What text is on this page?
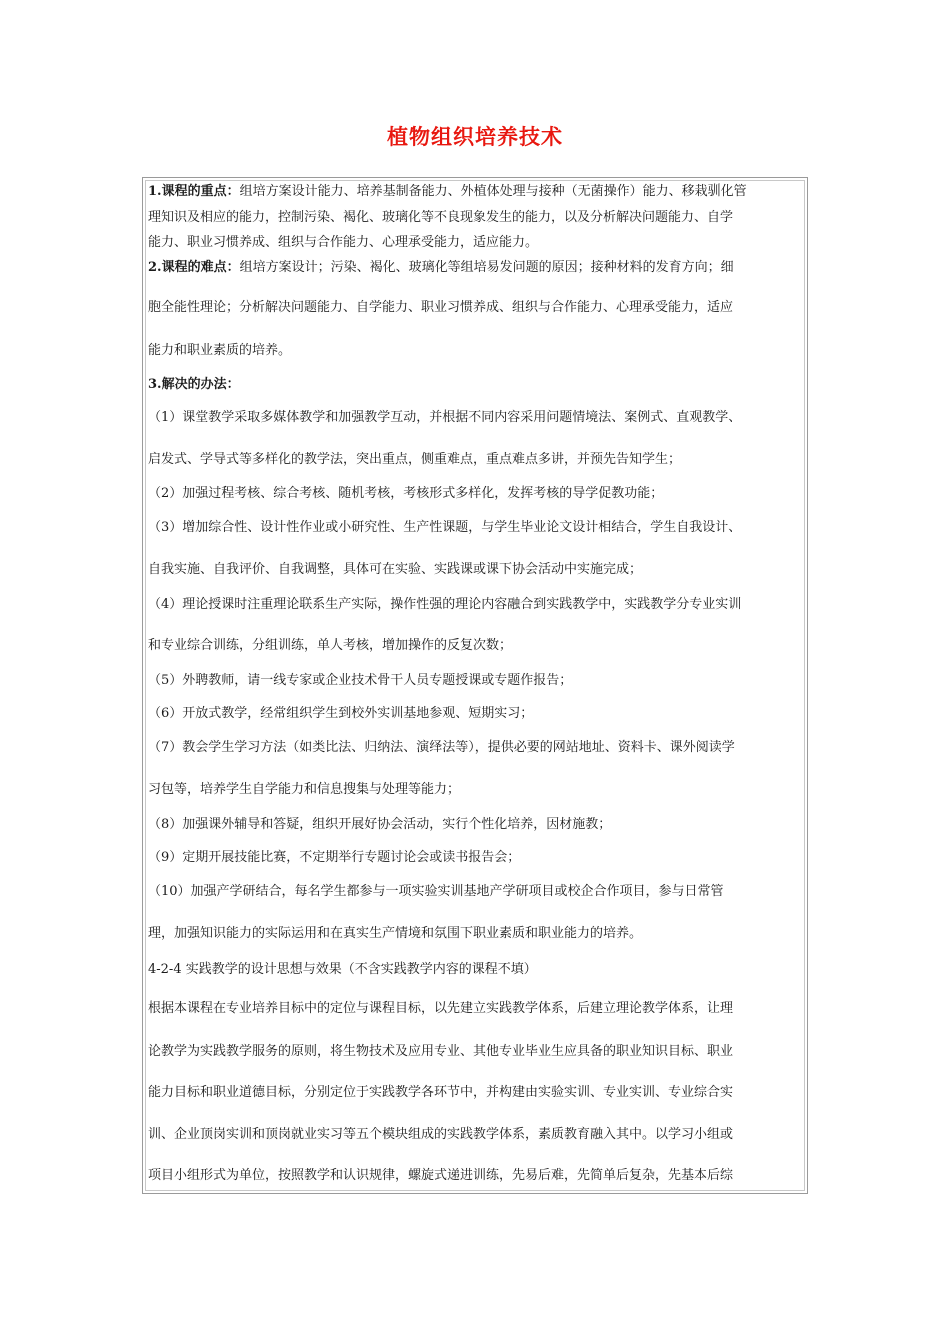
植物组织培养技术
1.课程的重点：组培方案设计能力、培养基制备能力、外植体处理与接种（无菌操作）能力、移栽驯化管
理知识及相应的能力，控制污染、褐化、玻璃化等不良现象发生的能力，以及分析解决问题能力、自学
能力、职业习惯养成、组织与合作能力、心理承受能力，适应能力。
2.课程的难点：组培方案设计；污染、褐化、玻璃化等组培易发问题的原因；接种材料的发育方向；细
胞全能性理论；分析解决问题能力、自学能力、职业习惯养成、组织与合作能力、心理承受能力，适应
能力和职业素质的培养。
3.解决的办法：
（1）课堂教学采取多媒体教学和加强教学互动，并根据不同内容采用问题情境法、案例式、直观教学、
启发式、学导式等多样化的教学法，突出重点，侧重难点，重点难点多讲，并预先告知学生；
（2）加强过程考核、综合考核、随机考核，考核形式多样化，发挥考核的导学促教功能；
（3）增加综合性、设计性作业或小研究性、生产性课题，与学生毕业论文设计相结合，学生自我设计、
自我实施、自我评价、自我调整，具体可在实验、实践课或课下协会活动中实施完成；
（4）理论授课时注重理论联系生产实际，操作性强的理论内容融合到实践教学中，实践教学分专业实训
和专业综合训练，分组训练，单人考核，增加操作的反复次数；
（5）外聘教师，请一线专家或企业技术骨干人员专题授课或专题作报告；
（6）开放式教学，经常组织学生到校外实训基地参观、短期实习；
（7）教会学生学习方法（如类比法、归纳法、演绎法等），提供必要的网站地址、资料卡、课外阅读学
习包等，培养学生自学能力和信息搜集与处理等能力；
（8）加强课外辅导和答疑，组织开展好协会活动，实行个性化培养，因材施教；
（9）定期开展技能比赛，不定期举行专题讨论会或读书报告会；
（10）加强产学研结合，每名学生都参与一项实验实训基地产学研项目或校企合作项目，参与日常管
理，加强知识能力的实际运用和在真实生产情境和氛围下职业素质和职业能力的培养。
4-2-4 实践教学的设计思想与效果（不含实践教学内容的课程不填）
根据本课程在专业培养目标中的定位与课程目标，以先建立实践教学体系，后建立理论教学体系，让理
论教学为实践教学服务的原则，将生物技术及应用专业、其他专业毕业生应具备的职业知识目标、职业
能力目标和职业道德目标，分别定位于实践教学各环节中，并构建由实验实训、专业实训、专业综合实
训、企业顶岗实训和顶岗就业实习等五个模块组成的实践教学体系，素质教育融入其中。以学习小组或
项目小组形式为单位，按照教学和认识规律，螺旋式递进训练，先易后难，先简单后复杂，先基本后综
